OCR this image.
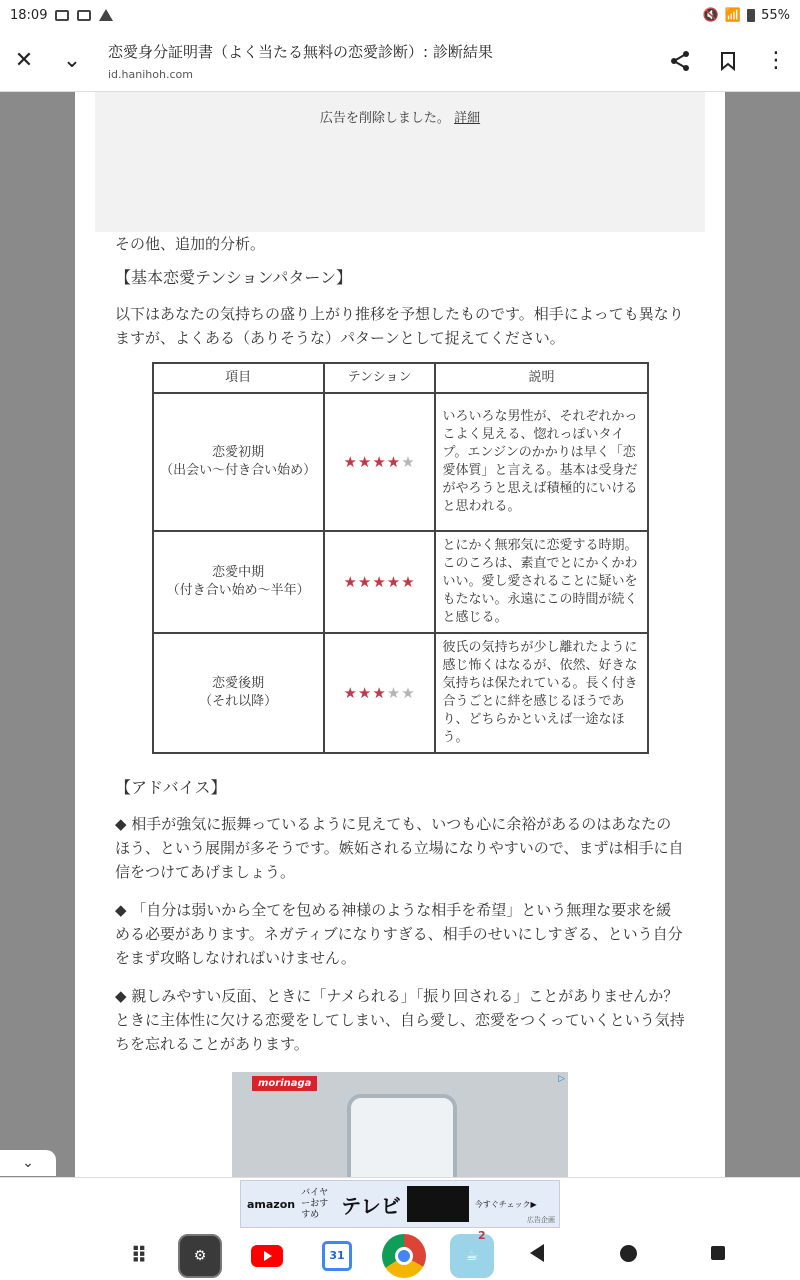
18:09	🔇 📶 55%
✕	⌄	恋愛身分証明書（よく当たる無料の恋愛診断）: 診断結果
id.hanihoh.com
⋮
広告を削除しました。 詳細

その他、追加的分析。

【基本恋愛テンションパターン】

以下はあなたの気持ちの盛り上がり推移を予想したものです。相手によっても異なりますが、よくある（ありそうな）パターンとして捉えてください。

項目	テンション	説明

恋愛初期
（出会い～付き合い始め）	★★★★★	いろいろな男性が、それぞれかっこよく見える、惚れっぽいタイプ。エンジンのかかりは早く「恋愛体質」と言える。基本は受身だがやろうと思えば積極的にいけると思われる。

恋愛中期
（付き合い始め～半年）	★★★★★	とにかく無邪気に恋愛する時期。このころは、素直でとにかくかわいい。愛し愛されることに疑いをもたない。永遠にこの時間が続くと感じる。

恋愛後期
（それ以降）	★★★★★	彼氏の気持ちが少し離れたように感じ怖くはなるが、依然、好きな気持ちは保たれている。長く付き合うごとに絆を感じるほうであり、どちらかといえば一途なほう。
【アドバイス】

◆ 相手が強気に振舞っているように見えても、いつも心に余裕があるのはあなたのほう、という展開が多そうです。嫉妬される立場になりやすいので、まずは相手に自信をつけてあげましょう。

◆ 「自分は弱いから全てを包める神様のような相手を希望」という無理な要求を緩める必要があります。ネガティブになりすぎる、相手のせいにしすぎる、という自分をまず攻略しなければいけません。

◆ 親しみやすい反面、ときに「ナメられる」「振り回される」ことがありませんか？ときに主体性に欠ける恋愛をしてしまい、自ら愛し、恋愛をつくっていくという気持ちを忘れることがあります。

morinaga	▷
⌄
amazon
バイヤーおすすめ	テレビ	今すぐチェック▶
広告企画
⠿	⚙	31	☕
2
